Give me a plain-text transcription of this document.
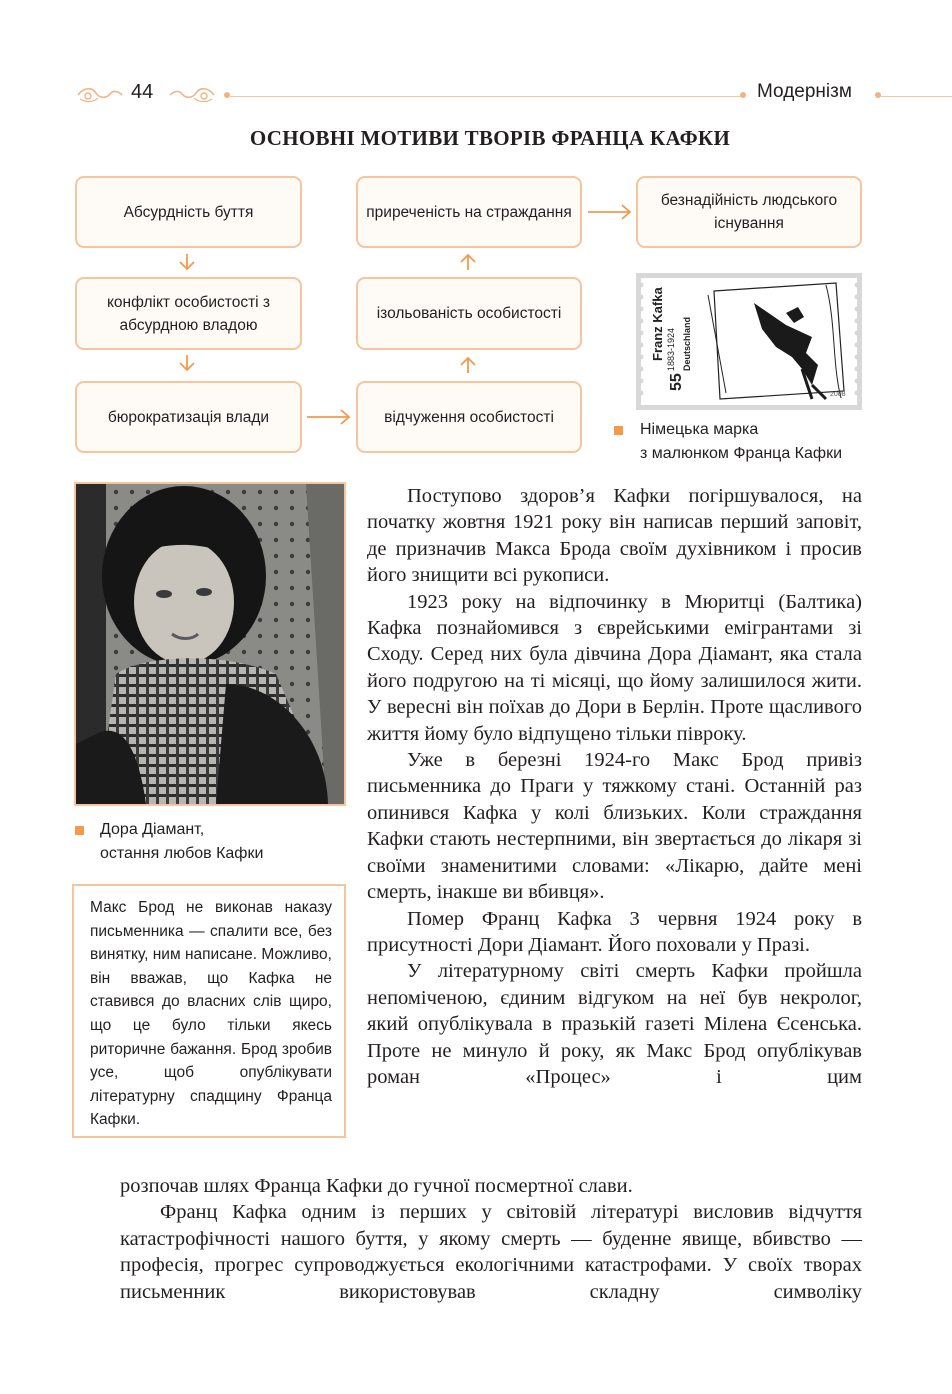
44	Модернізм
ОСНОВНІ МОТИВИ ТВОРІВ ФРАНЦА КАФКИ
Абсурдність буття
конфлікт особистості з абсурдною владою
бюрократизація влади
приреченість на страждання
ізольованість особистості
відчуження особистості
безнадійність людського існування
Franz Kafka 1883-1924
55
Deutschland
2008
Німецька марка
з малюнком Франца Кафки
Дора Діамант,
остання любов Кафки
Макс Брод не виконав наказу письменника — спалити все, без винятку, ним написане. Можливо, він вважав, що Кафка не ставився до власних слів щиро, що це було тільки якесь риторичне бажання. Брод зробив усе, щоб опублікувати літературну спадщину Франца Кафки.

Поступово здоров’я Кафки погіршувалося, на початку жовтня 1921 року він написав перший заповіт, де призначив Макса Брода своїм духівником і просив його знищити всі рукописи.

1923 року на відпочинку в Мюритці (Балтика) Кафка познайомився з єврейськими емігрантами зі Сходу. Серед них була дівчина Дора Діамант, яка стала його подругою на ті місяці, що йому залишилося жити. У вересні він поїхав до Дори в Берлін. Проте щасливого життя йому було відпущено тільки півроку.

Уже в березні 1924-го Макс Брод привіз письменника до Праги у тяжкому стані. Останній раз опинився Кафка у колі близьких. Коли страждання Кафки стають нестерпними, він звертається до лікаря зі своїми знаменитими словами: «Лікарю, дайте мені смерть, інакше ви вбивця».

Помер Франц Кафка 3 червня 1924 року в присутності Дори Діамант. Його поховали у Празі.

У літературному світі смерть Кафки пройшла непоміченою, єдиним відгуком на неї був некролог, який опублікувала в празькій газеті Мілена Єсенська. Проте не минуло й року, як Макс Брод опублікував роман «Процес» і цим

розпочав шлях Франца Кафки до гучної посмертної слави.

Франц Кафка одним із перших у світовій літературі висловив відчуття катастрофічності нашого буття, у якому смерть — буденне явище, вбивство — професія, прогрес супроводжується екологічними катастрофами. У своїх творах письменник використовував складну символіку
